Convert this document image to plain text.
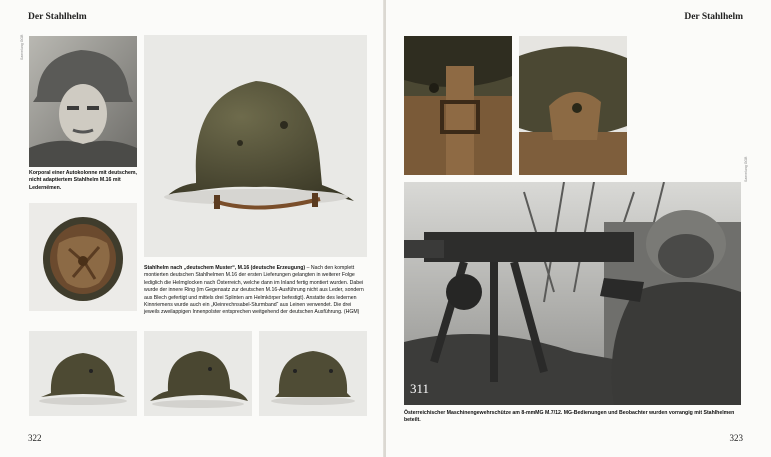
Der Stahlhelm
Korporal einer Autokolonne mit deutschem, nicht adaptiertem Stahlhelm M.16 mit Ledernëmen.
Sammlung GGB
Stahlhelm nach „deutschem Muster“, M.16 (deutsche Erzeugung) – Nach den komplett montierten deutschen Stahlhelmen M.16 der ersten Lieferungen gelangten in weiterer Folge lediglich die Helmglocken nach Österreich, welche dann im Inland fertig montiert wurden. Dabei wurde der innere Ring (im Gegensatz zur deutschen M.16-Ausführung nicht aus Leder, sondern aus Blech gefertigt und mittels drei Splinten am Helmkörper befestigt). Anstatte des ledernen Kinnriemens wurde auch ein „Kleinrechnsabel-Sturmband“ aus Leinen verwendet. Die drei jeweils zweilappigen Innenpolster entsprechen weitgehend der deutschen Ausführung. (HGM)
322
Der Stahlhelm
Sammlung GGB
311
Österreichischer Maschinengewehrschütze am 8-mmMG M.7/12. MG-Bedienungen und Beobachter wurden vorrangig mit Stahlhelmen beteilt.
323
